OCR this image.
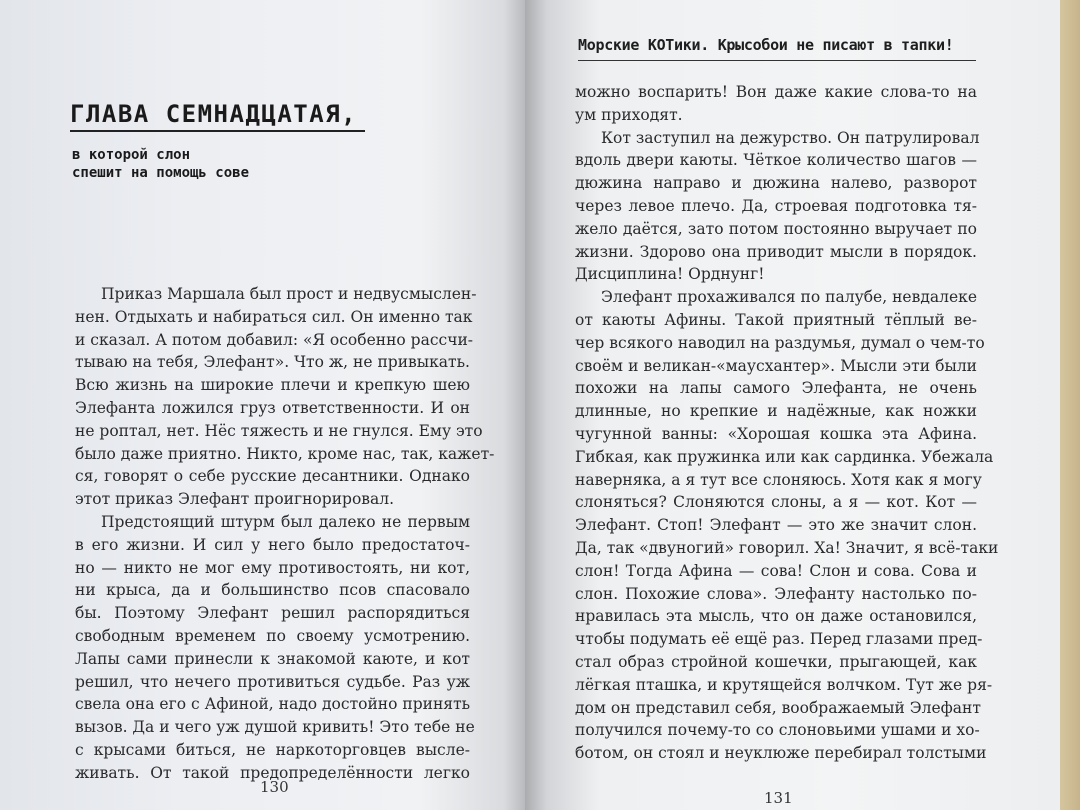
Морские КОТики. Крысобои не писают в тапки!
ГЛАВА СЕМНАДЦАТАЯ,
в которой слон
спешит на помощь сове
Приказ Маршала был прост и недвусмыслен-
нен. Отдыхать и набираться сил. Он именно так
и сказал. А потом добавил: «Я особенно рассчи-
тываю на тебя, Элефант». Что ж, не привыкать.
Всю жизнь на широкие плечи и крепкую шею
Элефанта ложился груз ответственности. И он
не роптал, нет. Нёс тяжесть и не гнулся. Ему это
было даже приятно. Никто, кроме нас, так, кажет-
ся, говорят о себе русские десантники. Однако
этот приказ Элефант проигнорировал.
Предстоящий штурм был далеко не первым
в его жизни. И сил у него было предостаточ-
но — никто не мог ему противостоять, ни кот,
ни крыса, да и большинство псов спасовало
бы. Поэтому Элефант решил распорядиться
свободным временем по своему усмотрению.
Лапы сами принесли к знакомой каюте, и кот
решил, что нечего противиться судьбе. Раз уж
свела она его с Афиной, надо достойно принять
вызов. Да и чего уж душой кривить! Это тебе не
с крысами биться, не наркоторговцев высле-
живать. От такой предопределённости легко
можно воспарить! Вон даже какие слова-то на
ум приходят.
Кот заступил на дежурство. Он патрулировал
вдоль двери каюты. Чёткое количество шагов —
дюжина направо и дюжина налево, разворот
через левое плечо. Да, строевая подготовка тя-
жело даётся, зато потом постоянно выручает по
жизни. Здорово она приводит мысли в порядок.
Дисциплина! Орднунг!
Элефант прохаживался по палубе, невдалеке
от каюты Афины. Такой приятный тёплый ве-
чер всякого наводил на раздумья, думал о чем-то
своём и великан-«маусхантер». Мысли эти были
похожи на лапы самого Элефанта, не очень
длинные, но крепкие и надёжные, как ножки
чугунной ванны: «Хорошая кошка эта Афина.
Гибкая, как пружинка или как сардинка. Убежала
наверняка, а я тут все слоняюсь. Хотя как я могу
слоняться? Слоняются слоны, а я — кот. Кот —
Элефант. Стоп! Элефант — это же значит слон.
Да, так «двуногий» говорил. Ха! Значит, я всё-таки
слон! Тогда Афина — сова! Слон и сова. Сова и
слон. Похожие слова». Элефанту настолько по-
нравилась эта мысль, что он даже остановился,
чтобы подумать её ещё раз. Перед глазами пред-
стал образ стройной кошечки, прыгающей, как
лёгкая пташка, и крутящейся волчком. Тут же ря-
дом он представил себя, воображаемый Элефант
получился почему-то со слоновьими ушами и хо-
ботом, он стоял и неуклюже перебирал толстыми
130
131
